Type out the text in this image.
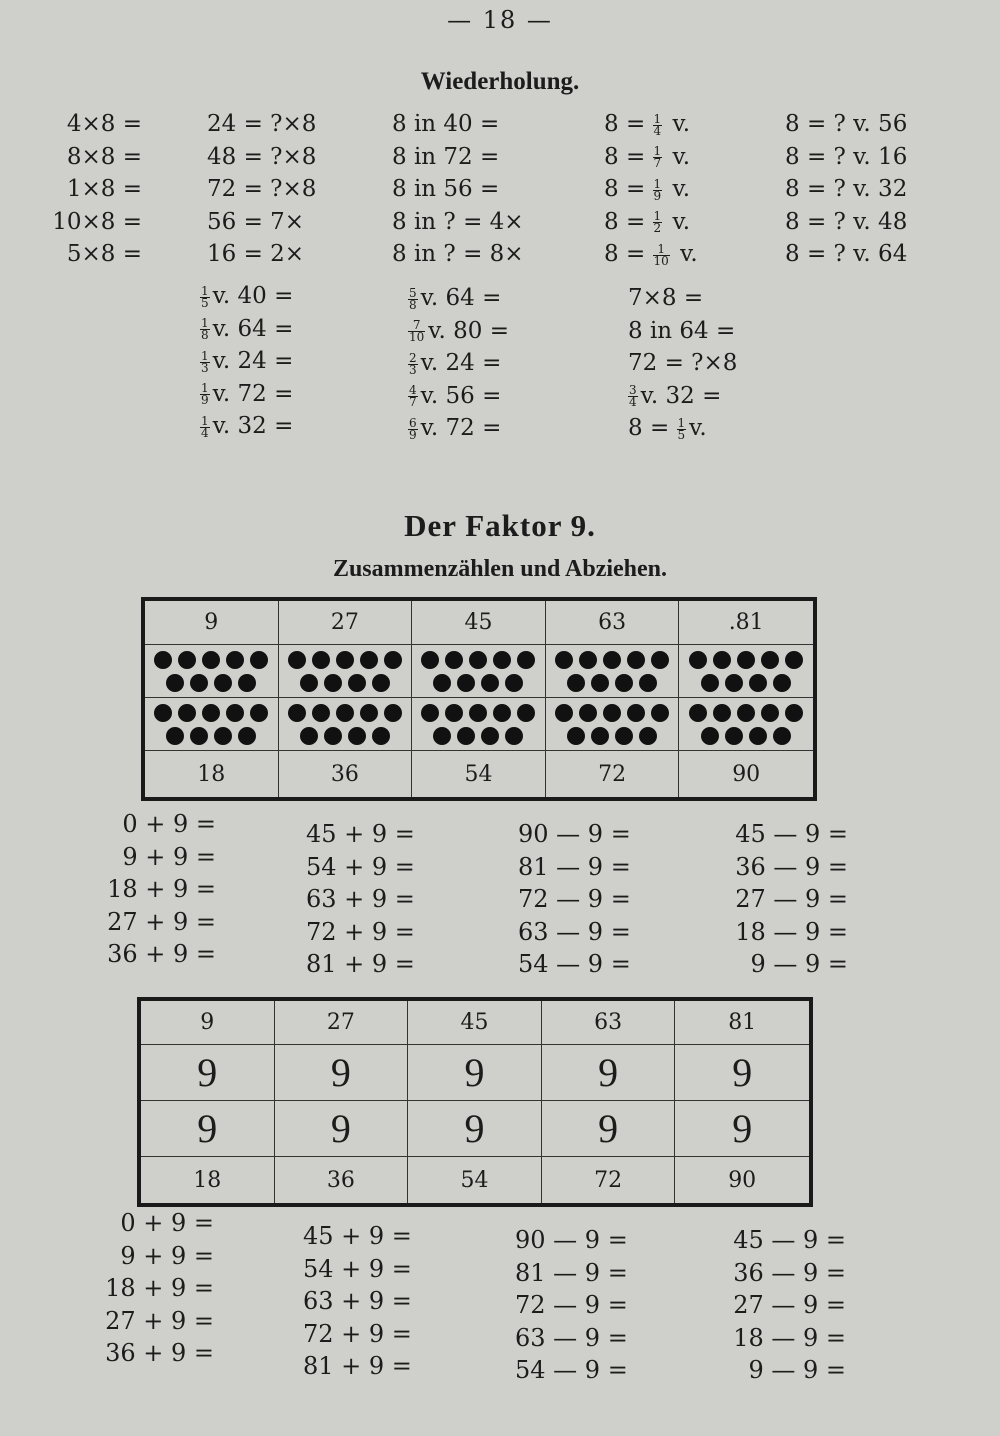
— 18 —
Wiederholung.
4×8 =
8×8 =
1×8 =
10×8 =
5×8 =
24 = ?×8
48 = ?×8
72 = ?×8
56 = 7×
16 = 2×
8 in 40 =
8 in 72 =
8 in 56 =
8 in ? = 4×
8 in ? = 8×
$8 = \frac{1}{4} v$.
$8 = \frac{1}{7} v$.
$8 = \frac{1}{9} v$.
$8 = \frac{1}{2} v$.
$8 = \frac{1}{10} v$.
8 = ? v. 56
8 = ? v. 16
8 = ? v. 32
8 = ? v. 48
8 = ? v. 64
$\frac{1}{5} v$. 40 =
$\frac{1}{8} v$. 64 =
$\frac{1}{3} v$. 24 =
$\frac{1}{9} v$. 72 =
$\frac{1}{4} v$. 32 =
$\frac{5}{8} v$. 64 =
$\frac{7}{10} v$. 80 =
$\frac{2}{3} v$. 24 =
$\frac{4}{7} v$. 56 =
$\frac{6}{9} v$. 72 =
7×8 =
8 in 64 =
72 = ?×8
$\frac{3}{4} v$. 32 =
$8 = \frac{1}{5} v$.
Der Faktor 9.
Zusammenzählen und Abziehen.
9	27	45	63	.81
18	36	54	72	90
0 + 9 =
9 + 9 =
18 + 9 =
27 + 9 =
36 + 9 =
45 + 9 =
54 + 9 =
63 + 9 =
72 + 9 =
81 + 9 =
90 — 9 =
81 — 9 =
72 — 9 =
63 — 9 =
54 — 9 =
45 — 9 =
36 — 9 =
27 — 9 =
18 — 9 =
9 — 9 =
9	27	45	63	81
9	9	9	9	9
9	9	9	9	9
18	36	54	72	90
0 + 9 =
9 + 9 =
18 + 9 =
27 + 9 =
36 + 9 =
45 + 9 =
54 + 9 =
63 + 9 =
72 + 9 =
81 + 9 =
90 — 9 =
81 — 9 =
72 — 9 =
63 — 9 =
54 — 9 =
45 — 9 =
36 — 9 =
27 — 9 =
18 — 9 =
9 — 9 =
